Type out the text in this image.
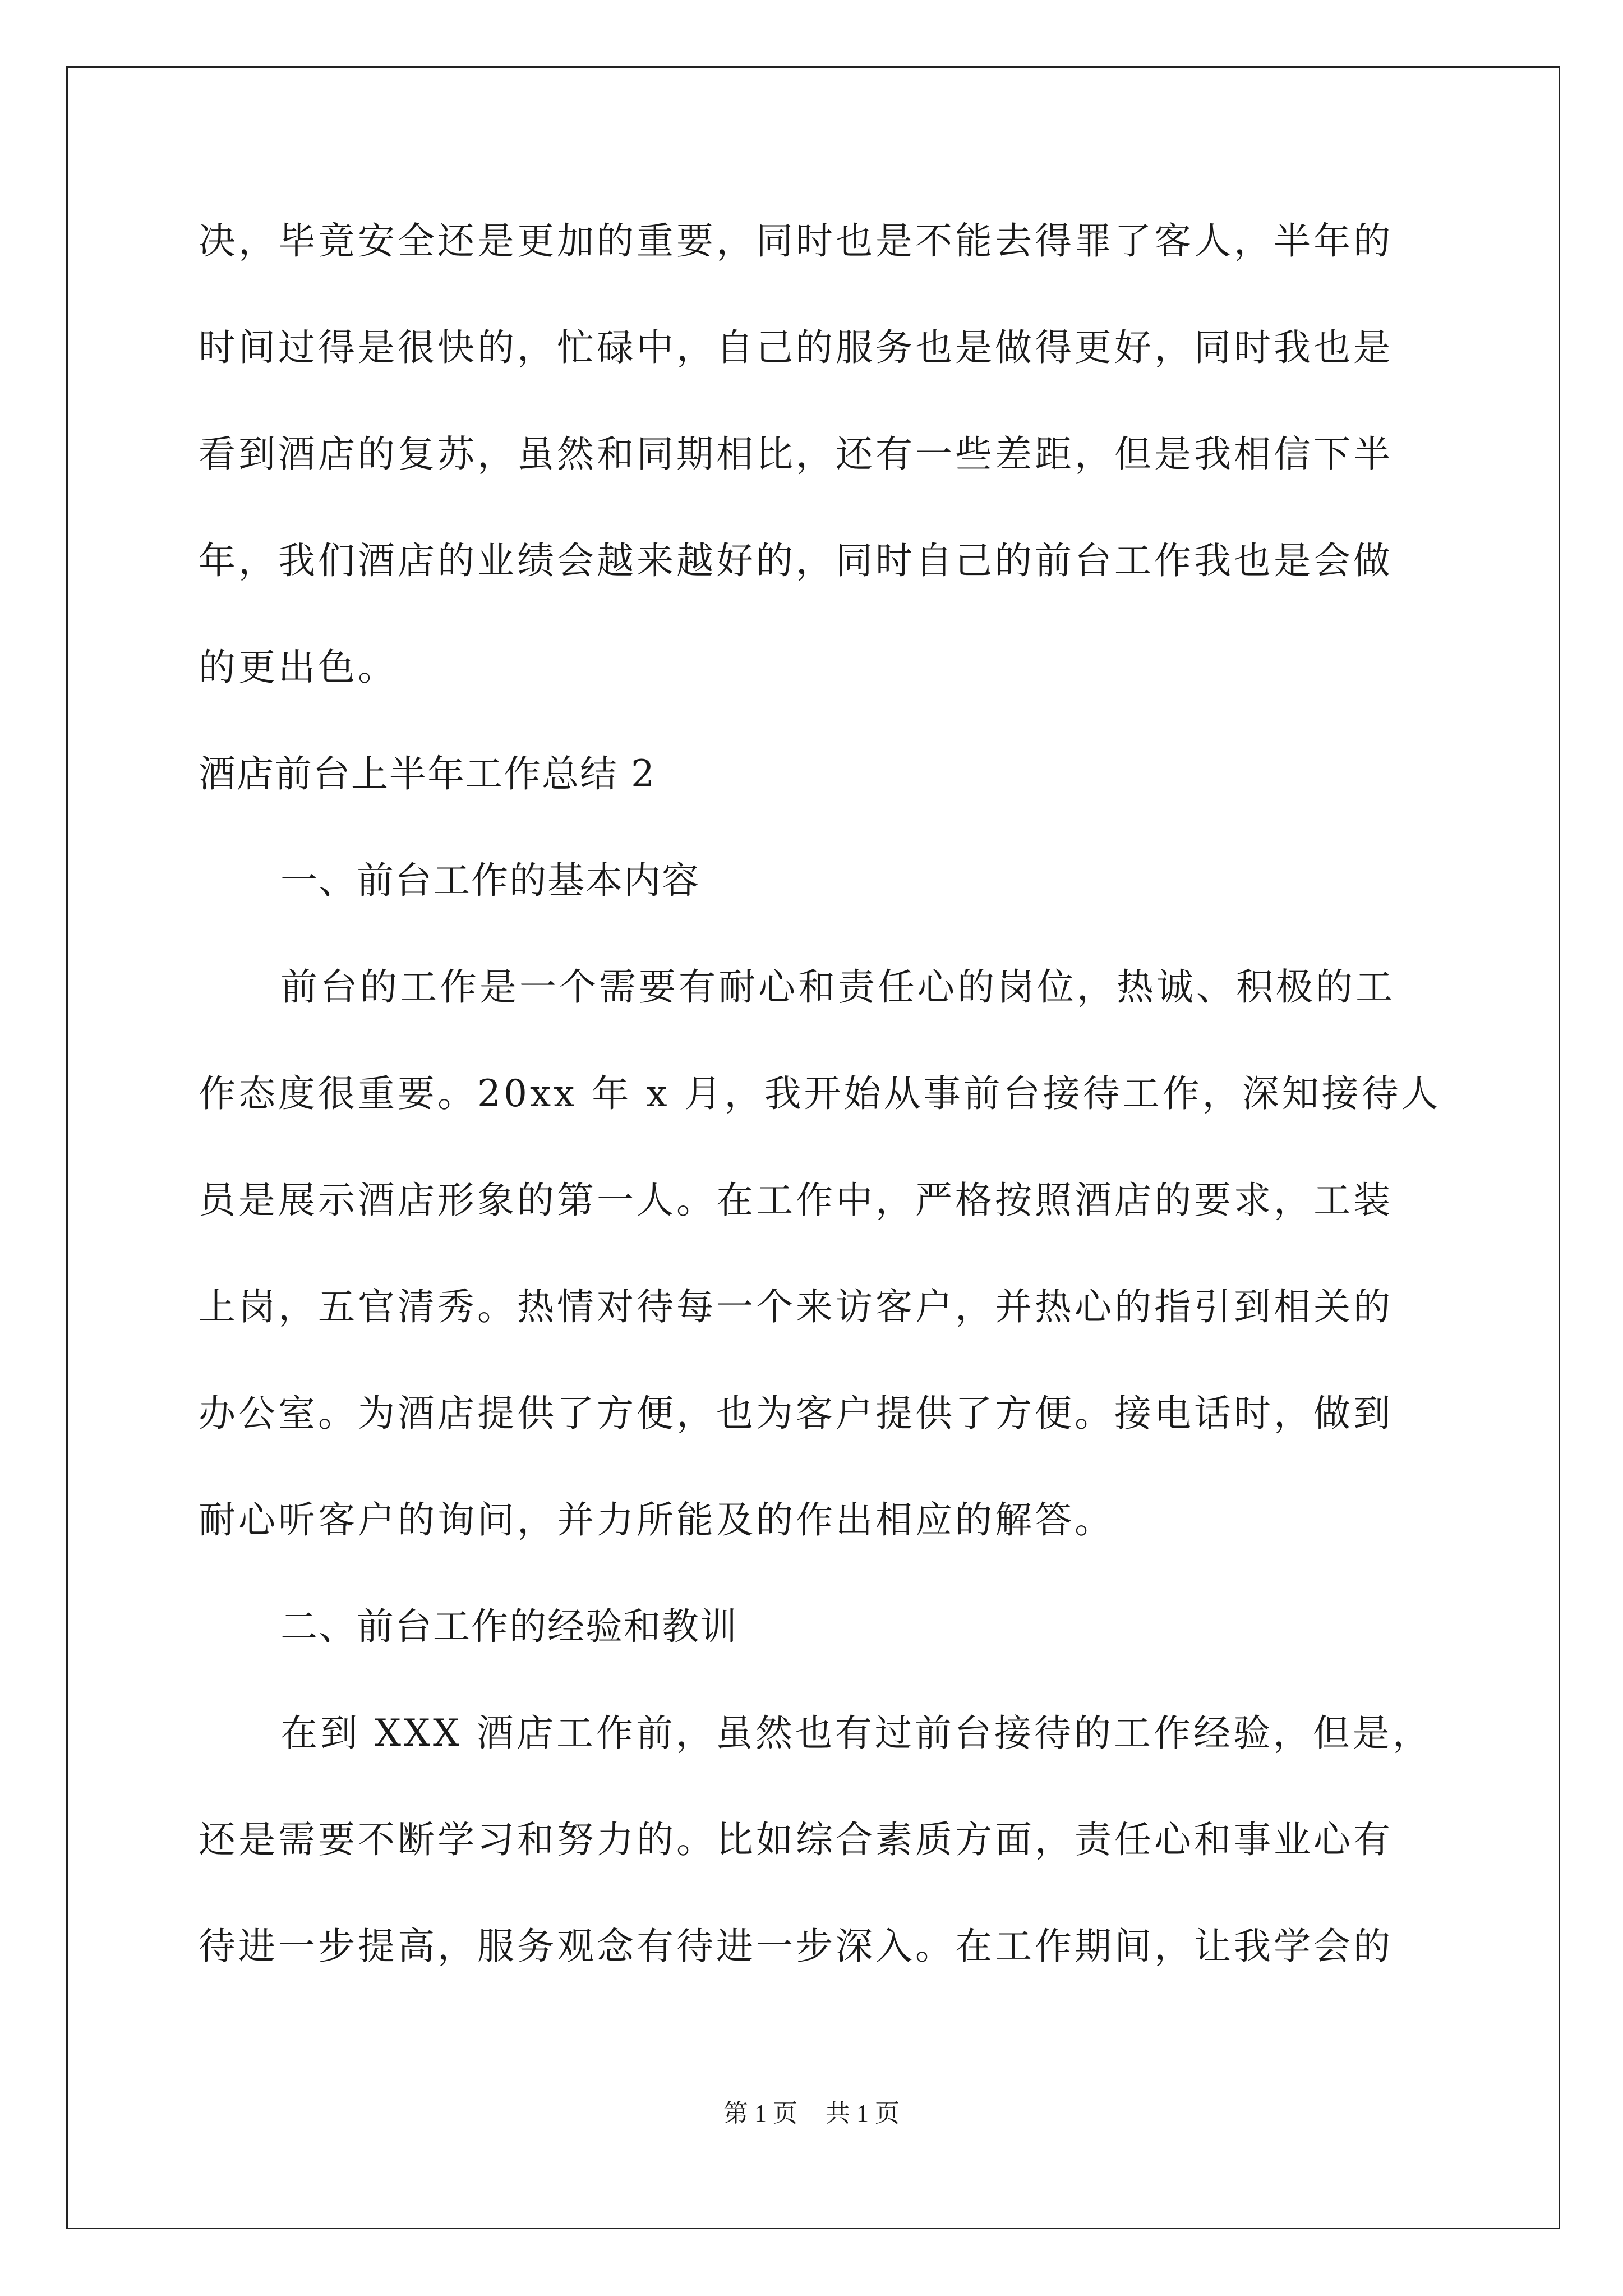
决，毕竟安全还是更加的重要，同时也是不能去得罪了客人，半年的
时间过得是很快的，忙碌中，自己的服务也是做得更好，同时我也是
看到酒店的复苏，虽然和同期相比，还有一些差距，但是我相信下半
年，我们酒店的业绩会越来越好的，同时自己的前台工作我也是会做
的更出色。
酒店前台上半年工作总结 2
一、前台工作的基本内容
前台的工作是一个需要有耐心和责任心的岗位，热诚、积极的工
作态度很重要。20xx 年 x 月，我开始从事前台接待工作，深知接待人
员是展示酒店形象的第一人。在工作中，严格按照酒店的要求，工装
上岗，五官清秀。热情对待每一个来访客户，并热心的指引到相关的
办公室。为酒店提供了方便，也为客户提供了方便。接电话时，做到
耐心听客户的询问，并力所能及的作出相应的解答。
二、前台工作的经验和教训
在到 XXX 酒店工作前，虽然也有过前台接待的工作经验，但是，
还是需要不断学习和努力的。比如综合素质方面，责任心和事业心有
待进一步提高，服务观念有待进一步深入。在工作期间，让我学会的
第 1 页 共 1 页
